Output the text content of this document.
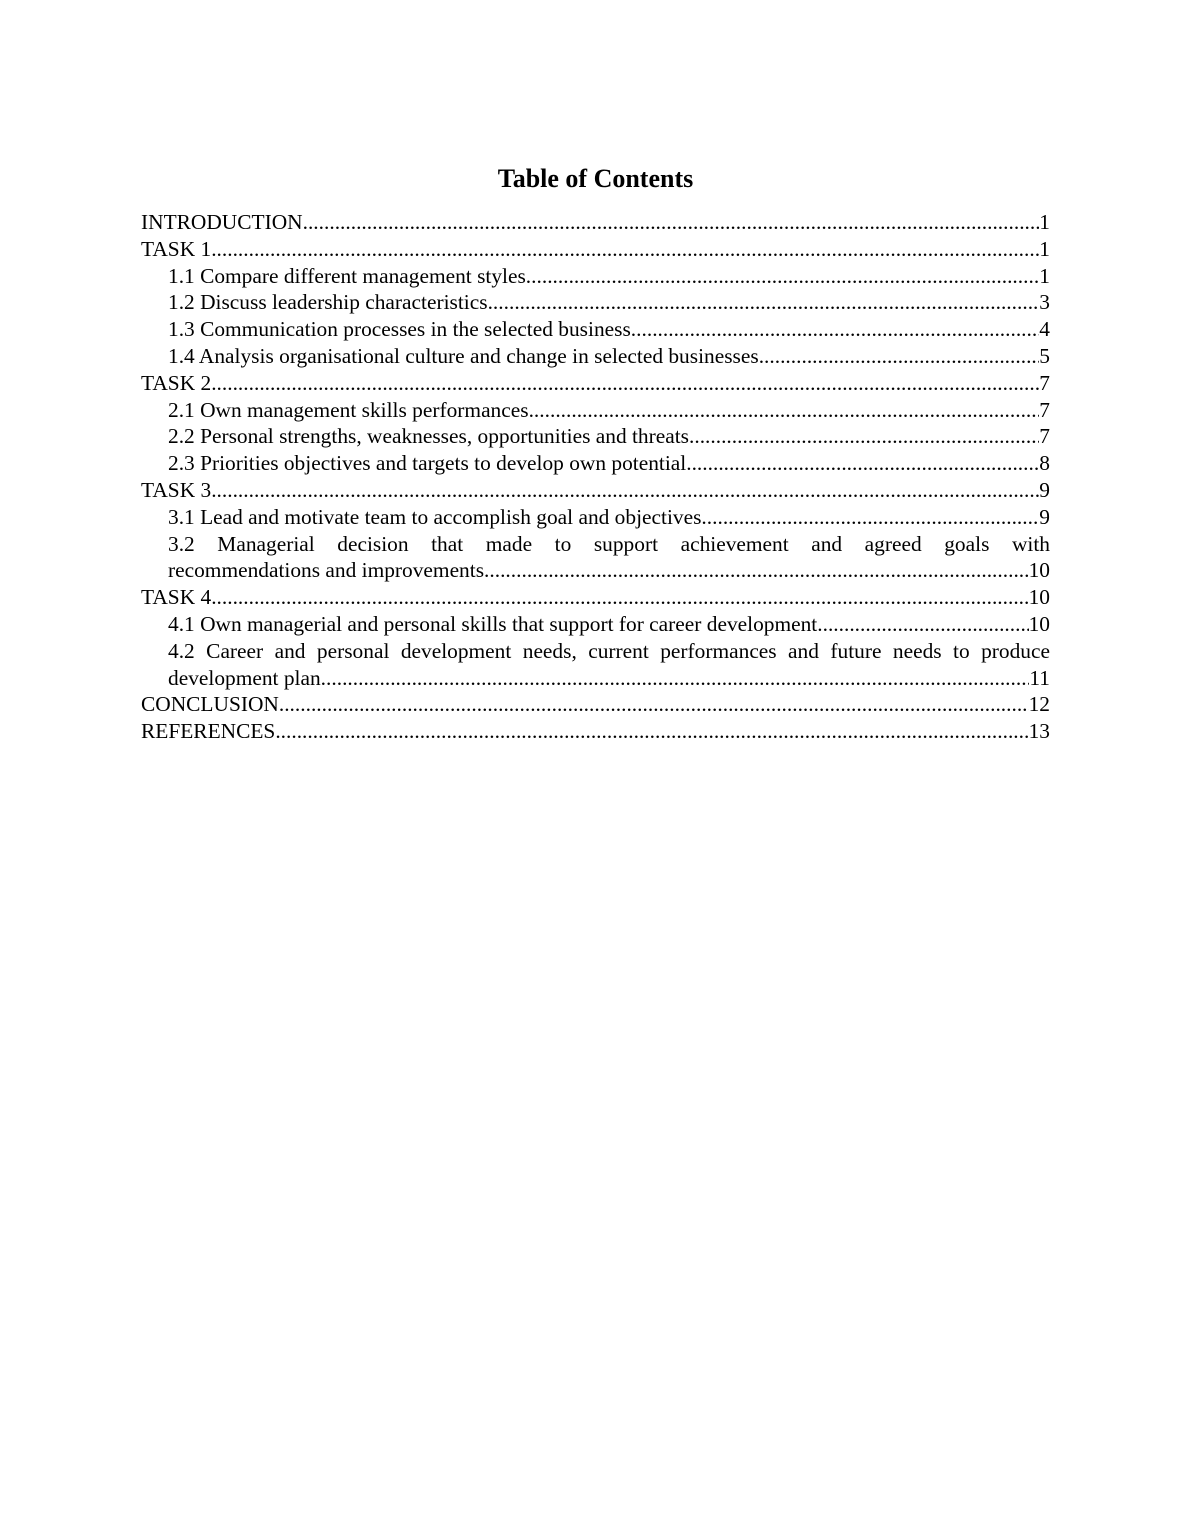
Table of Contents
INTRODUCTION .....	1
TASK 1 .....	1
1.1 Compare different management styles .....	1
1.2 Discuss leadership characteristics .....	3
1.3 Communication processes in the selected business .....	4
1.4 Analysis organisational culture and change in selected businesses .....	5
TASK 2 .....	7
2.1 Own management skills performances .....	7
2.2 Personal strengths, weaknesses, opportunities and threats .....	7
2.3 Priorities objectives and targets to develop own potential .....	8
TASK 3 .....	9
3.1 Lead and motivate team to accomplish goal and objectives .....	9
3.2 Managerial decision that made to support achievement and agreed goals with
recommendations and improvements .....	10
TASK 4 .....	10
4.1 Own managerial and personal skills that support for career development .....	10
4.2 Career and personal development needs, current performances and future needs to produce
development plan .....	11
CONCLUSION .....	12
REFERENCES .....	13
